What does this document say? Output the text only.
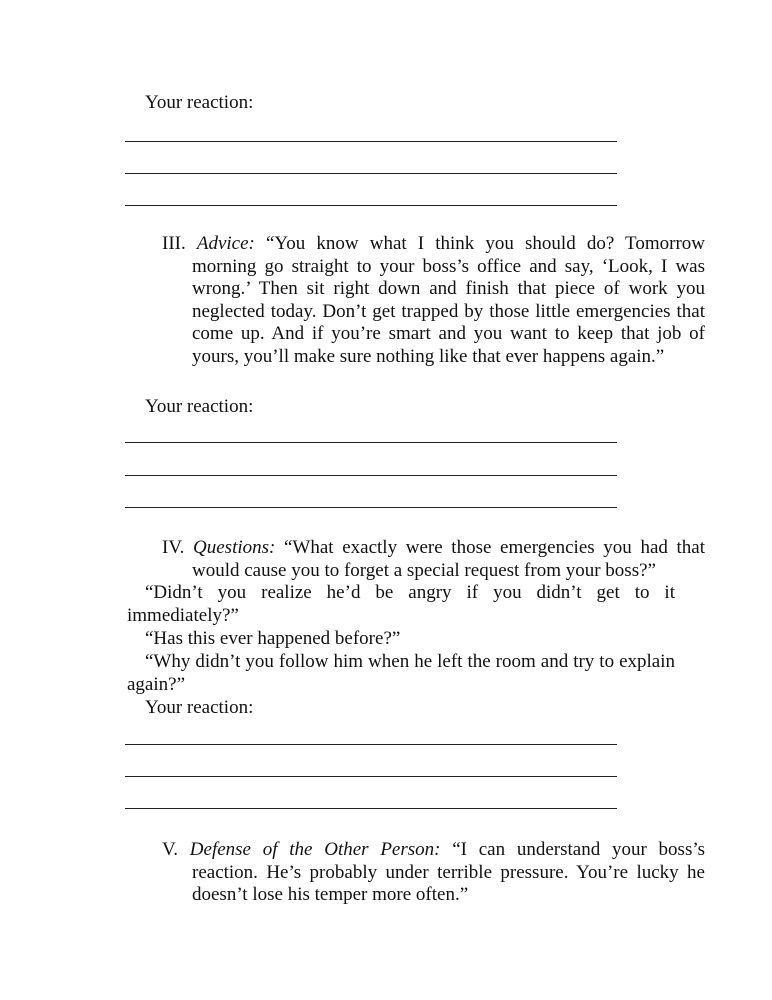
Your reaction:
III. Advice: “You know what I think you should do? Tomorrow morning go straight to your boss’s office and say, ‘Look, I was wrong.’ Then sit right down and finish that piece of work you neglected today. Don’t get trapped by those little emergencies that come up. And if you’re smart and you want to keep that job of yours, you’ll make sure nothing like that ever happens again.”
Your reaction:
IV. Questions: “What exactly were those emergencies you had that would cause you to forget a special request from your boss?”
“Didn’t you realize he’d be angry if you didn’t get to it immediately?”
“Has this ever happened before?”
“Why didn’t you follow him when he left the room and try to explain again?”
Your reaction:
V. Defense of the Other Person: “I can understand your boss’s reaction. He’s probably under terrible pressure. You’re lucky he doesn’t lose his temper more often.”
